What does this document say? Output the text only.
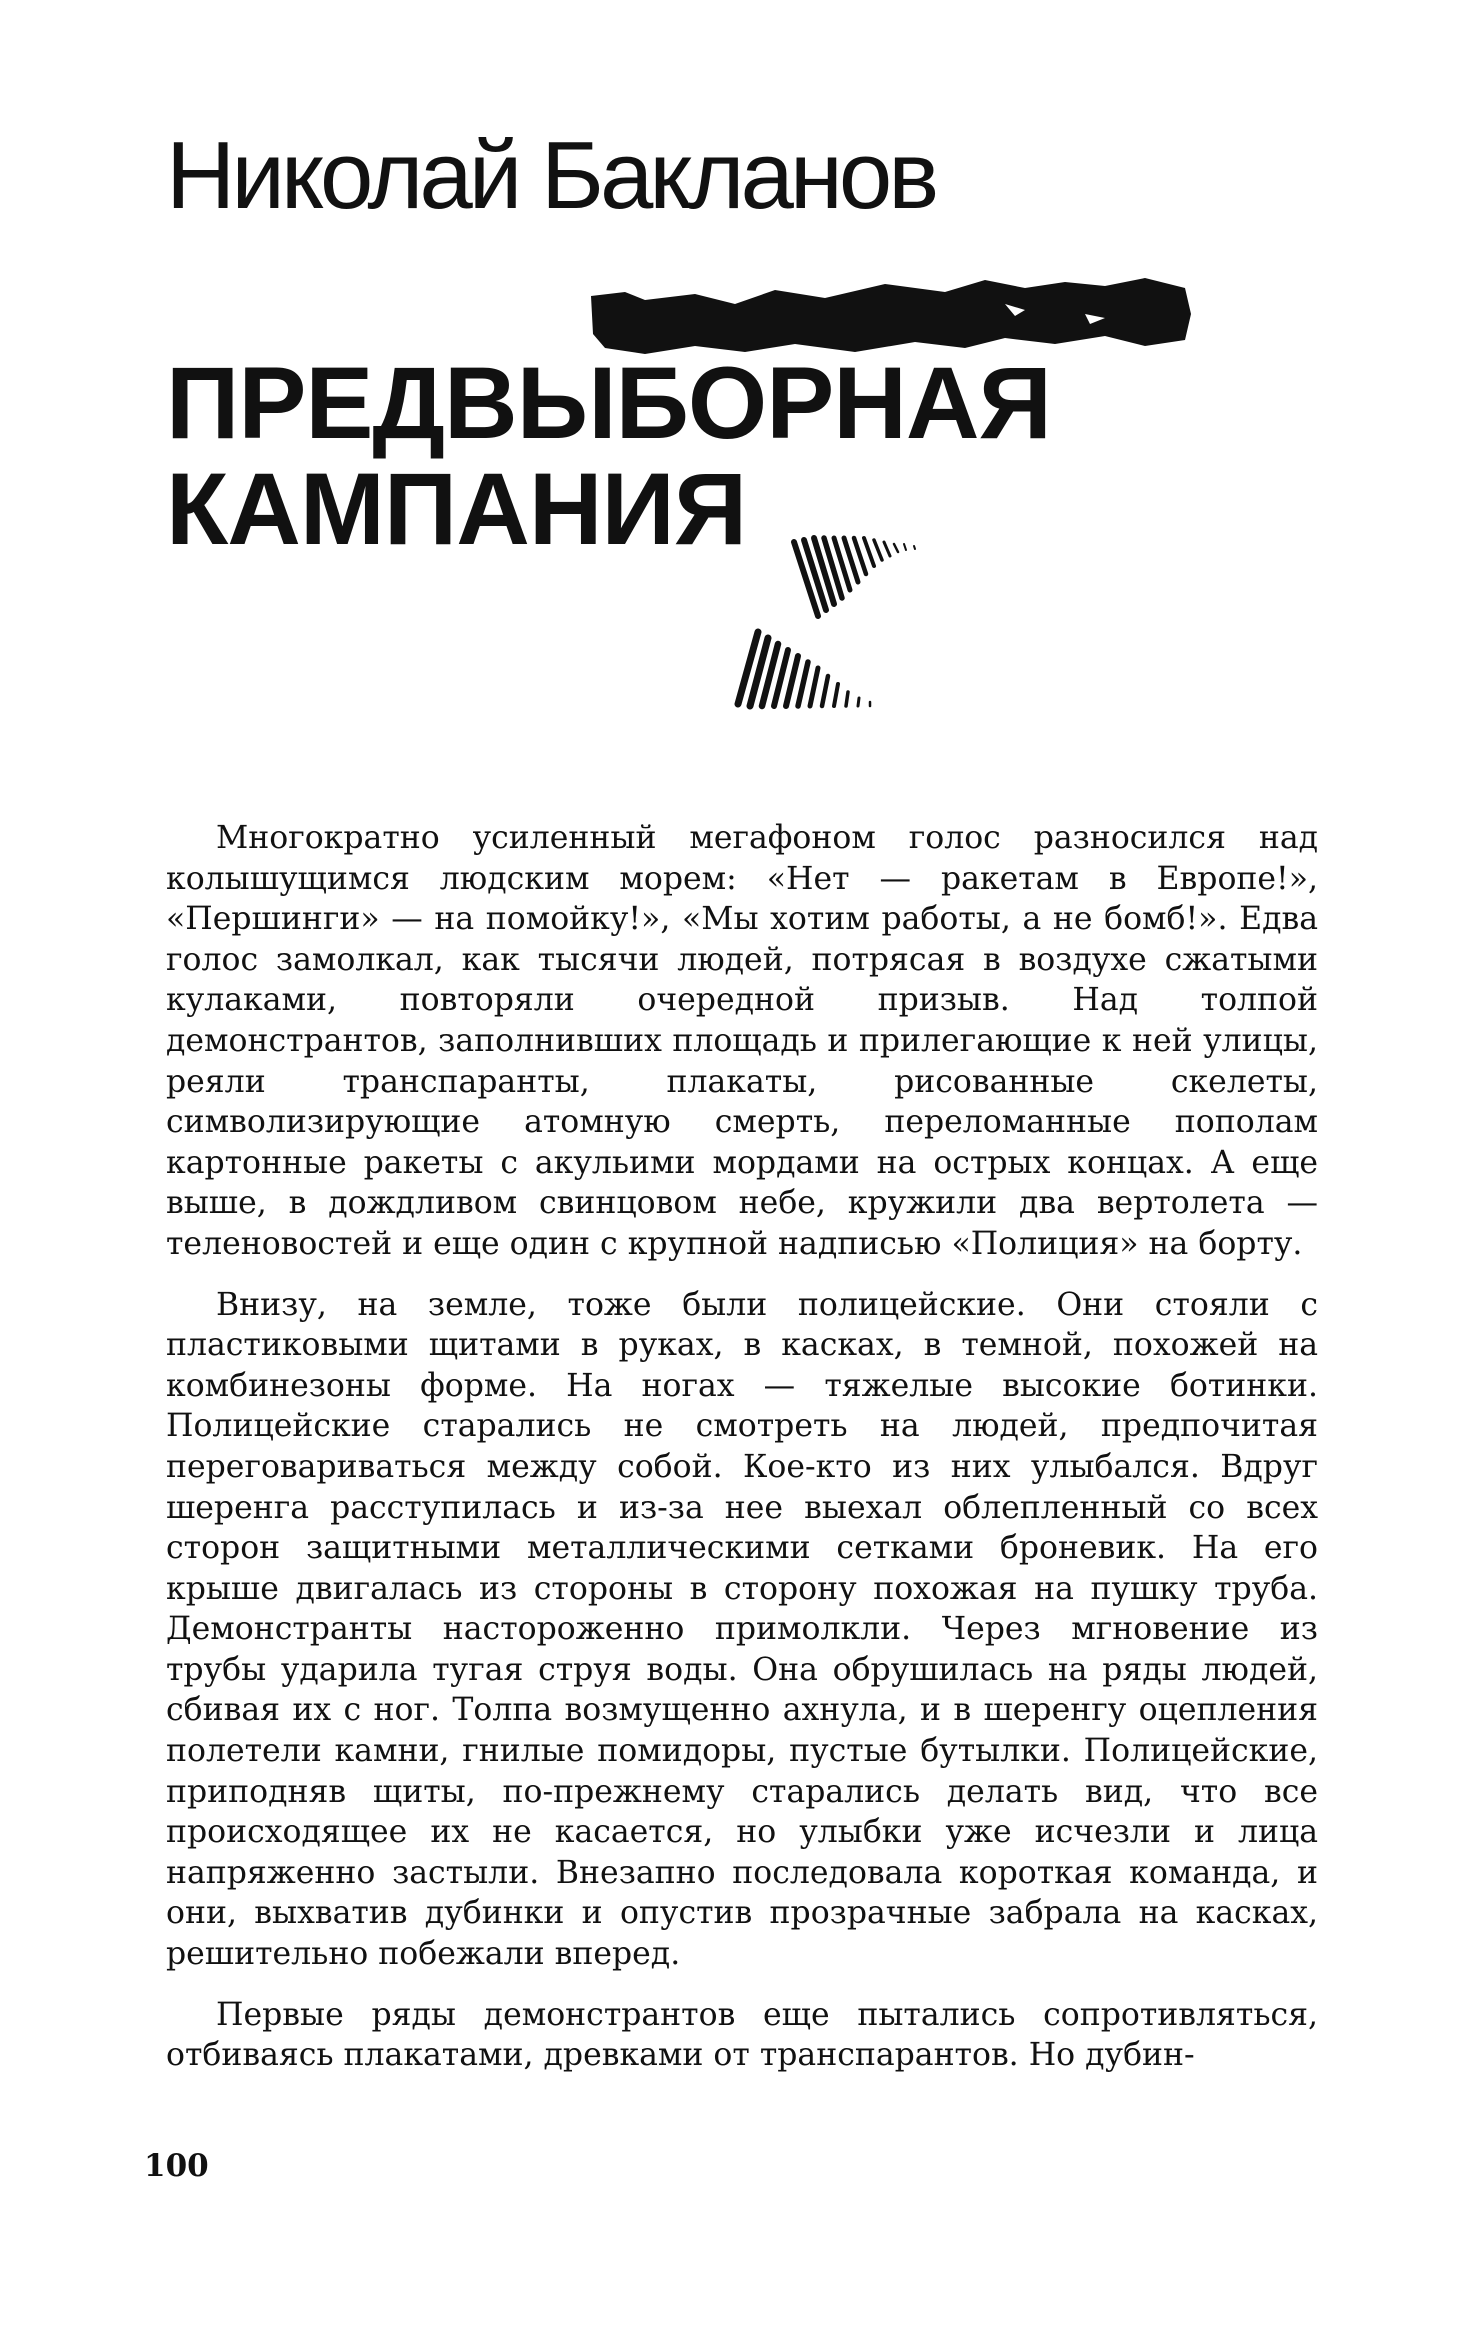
Николай Бакланов
ПРЕДВЫБОРНАЯ
КАМПАНИЯ

Многократно усиленный мегафоном голос разносился над колышущимся людским морем: «Нет — ракетам в Европе!», «Першинги» — на помойку!», «Мы хотим работы, а не бомб!». Едва голос замолкал, как тысячи людей, потрясая в воздухе сжатыми кулаками, повторяли очередной призыв. Над толпой демонстрантов, заполнивших площадь и прилегающие к ней улицы, реяли транспаранты, плакаты, рисованные скелеты, символизирующие атомную смерть, переломанные пополам картонные ракеты с акульими мордами на острых концах. А еще выше, в дождливом свинцовом небе, кружили два вертолета — теленовостей и еще один с крупной надписью «Полиция» на борту.

Внизу, на земле, тоже были полицейские. Они стояли с пластиковыми щитами в руках, в касках, в темной, похожей на комбинезоны форме. На ногах — тяжелые высокие ботинки. Полицейские старались не смотреть на людей, предпочитая переговариваться между собой. Кое-кто из них улыбался. Вдруг шеренга расступилась и из-за нее выехал облепленный со всех сторон защитными металлическими сетками броневик. На его крыше двигалась из стороны в сторону похожая на пушку труба. Демонстранты настороженно примолкли. Через мгновение из трубы ударила тугая струя воды. Она обрушилась на ряды людей, сбивая их с ног. Толпа возмущенно ахнула, и в шеренгу оцепления полетели камни, гнилые помидоры, пустые бутылки. Полицейские, приподняв щиты, по-прежнему старались делать вид, что все происходящее их не касается, но улыбки уже исчезли и лица напряженно застыли. Внезапно последовала короткая команда, и они, выхватив дубинки и опустив прозрачные забрала на касках, решительно побежали вперед.

Первые ряды демонстрантов еще пытались сопротивляться, отбиваясь плакатами, древками от транспарантов. Но дубин-

100
